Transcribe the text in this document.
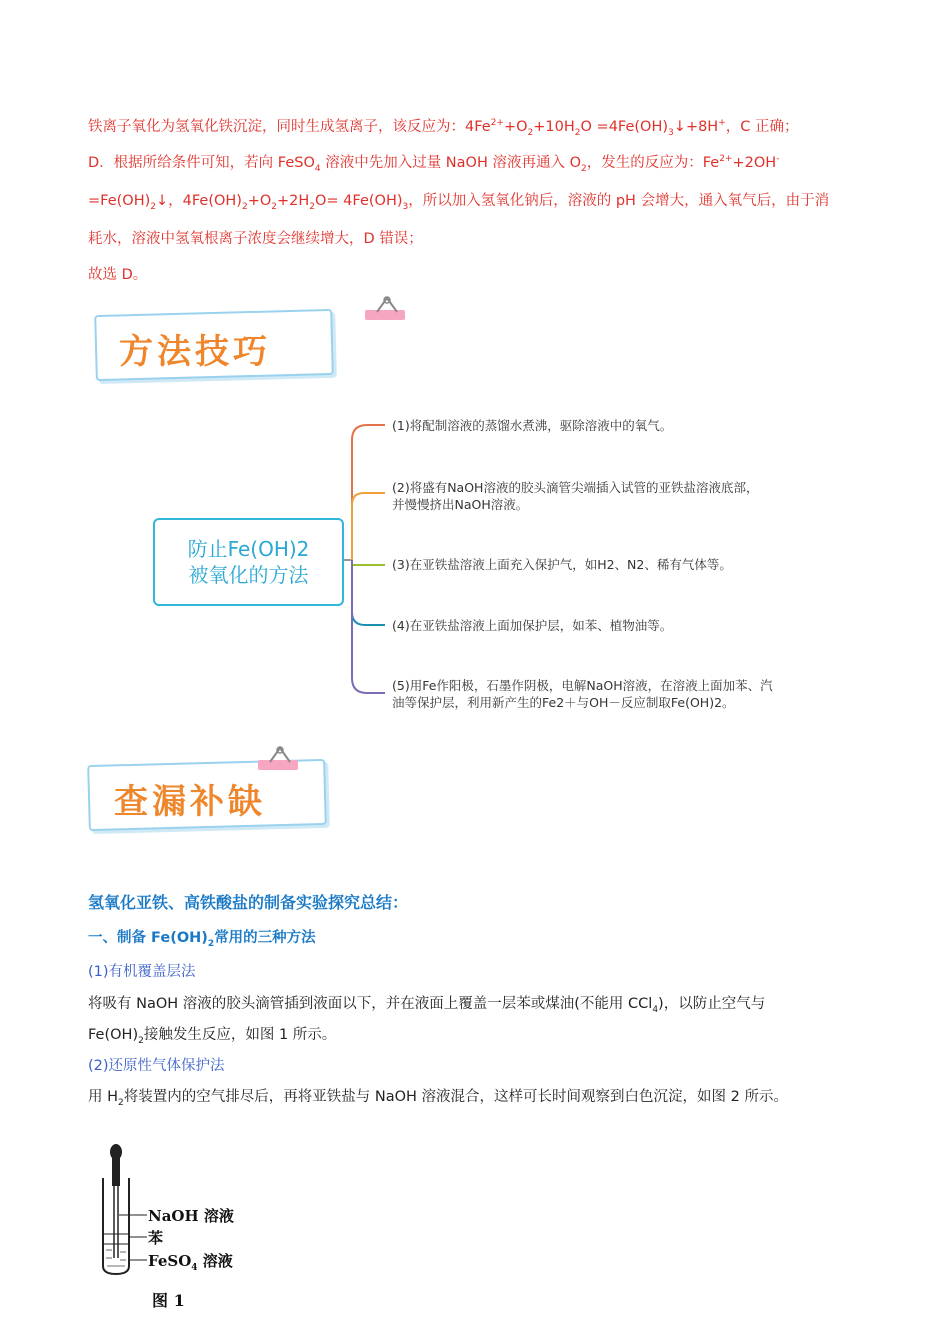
铁离子氧化为氢氧化铁沉淀，同时生成氢离子，该反应为：$4Fe^{2+}+O_2+10H_2O$ $=4Fe(OH)_3↓+8H^+$，C 正确；
D．根据所给条件可知，若向 FeSO$_4$ 溶液中先加入过量 NaOH 溶液再通入 $O_2$，发生的反应为：$Fe^{2+}+2OH^-$
$=Fe(OH)_2↓$，$4Fe(OH)_2+O_2+2H_2O= 4Fe(OH)_3$，所以加入氢氧化钠后，溶液的 pH 会增大，通入氧气后，由于消
耗水，溶液中氢氧根离子浓度会继续增大，D 错误；
故选 D。
方法技巧
防止Fe(OH)2
被氧化的方法
(1)将配制溶液的蒸馏水煮沸，驱除溶液中的氧气。
(2)将盛有NaOH溶液的胶头滴管尖端插入试管的亚铁盐溶液底部，
并慢慢挤出NaOH溶液。
(3)在亚铁盐溶液上面充入保护气，如H2、N2、稀有气体等。
(4)在亚铁盐溶液上面加保护层，如苯、植物油等。
(5)用Fe作阳极，石墨作阴极，电解NaOH溶液，在溶液上面加苯、汽
油等保护层，利用新产生的Fe2＋与OH－反应制取Fe(OH)2。
查漏补缺
氢氧化亚铁、高铁酸盐的制备实验探究总结：
一、制备 $Fe(OH)_2$常用的三种方法
(1)有机覆盖层法
将吸有 NaOH 溶液的胶头滴管插到液面以下，并在液面上覆盖一层苯或煤油(不能用 CCl$_4$)，以防止空气与
$Fe(OH)_2$接触发生反应，如图 1 所示。
(2)还原性气体保护法
用 $H_2$将装置内的空气排尽后，再将亚铁盐与 NaOH 溶液混合，这样可长时间观察到白色沉淀，如图 2 所示。
NaOH 溶液
苯
FeSO$_4$ 溶液
图 1
